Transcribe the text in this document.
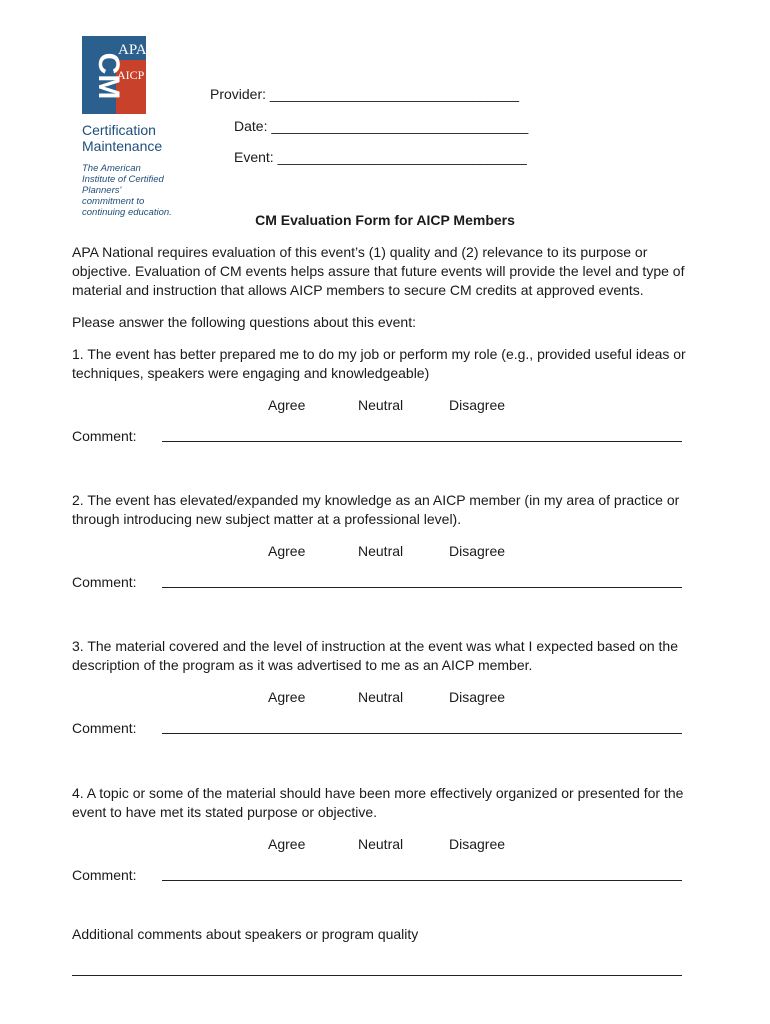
CM
APA
AICP
Certification
Maintenance
The American Institute of Certified Planners' commitment to continuing education.
Provider: ________________________________
Date: _________________________________
Event: ________________________________
CM Evaluation Form for AICP Members
APA National requires evaluation of this event’s (1) quality and (2) relevance to its purpose or objective. Evaluation of CM events helps assure that future events will provide the level and type of material and instruction that allows AICP members to secure CM credits at approved events.
Please answer the following questions about this event:
1. The event has better prepared me to do my job or perform my role (e.g., provided useful ideas or techniques, speakers were engaging and knowledgeable)
Agree	Neutral	Disagree
Comment:
2. The event has elevated/expanded my knowledge as an AICP member (in my area of practice or through introducing new subject matter at a professional level).
Agree	Neutral	Disagree
Comment:
3. The material covered and the level of instruction at the event was what I expected based on the description of the program as it was advertised to me as an AICP member.
Agree	Neutral	Disagree
Comment:
4. A topic or some of the material should have been more effectively organized or presented for the event to have met its stated purpose or objective.
Agree	Neutral	Disagree
Comment:
Additional comments about speakers or program quality
